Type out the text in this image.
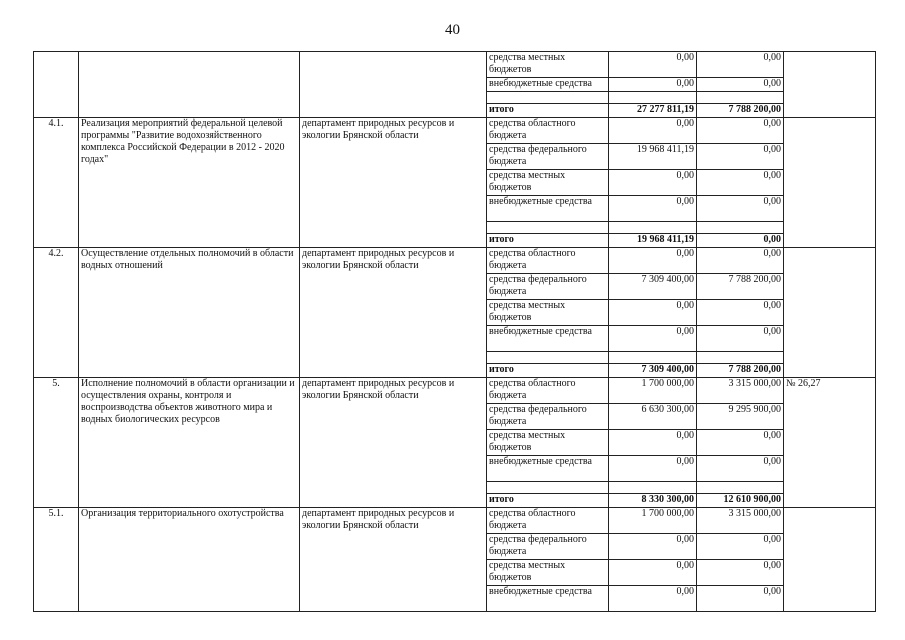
40
			средства местных бюджетов	0,00	0,00	
			внебюджетные средства	0,00	0,00	

			итого	27 277 811,19	7 788 200,00	
4.1.	Реализация мероприятий федеральной целевой программы "Развитие водохозяйственного комплекса Российской Федерации в 2012 - 2020 годах"	департамент природных ресурсов и экологии Брянской области	средства областного бюджета	0,00	0,00	
			средства федерального бюджета	19 968 411,19	0,00	
			средства местных бюджетов	0,00	0,00	
			внебюджетные средства	0,00	0,00	

			итого	19 968 411,19	0,00	
4.2.	Осуществление отдельных полномочий в области водных отношений	департамент природных ресурсов и экологии Брянской области	средства областного бюджета	0,00	0,00	
			средства федерального бюджета	7 309 400,00	7 788 200,00	
			средства местных бюджетов	0,00	0,00	
			внебюджетные средства	0,00	0,00	

			итого	7 309 400,00	7 788 200,00	
5.	Исполнение полномочий в области организации и осуществления охраны, контроля и воспроизводства объектов животного мира и водных биологических ресурсов	департамент природных ресурсов и экологии Брянской области	средства областного бюджета	1 700 000,00	3 315 000,00	№ 26,27
			средства федерального бюджета	6 630 300,00	9 295 900,00	
			средства местных бюджетов	0,00	0,00	
			внебюджетные средства	0,00	0,00	

			итого	8 330 300,00	12 610 900,00	
5.1.	Организация территориального охотустройства	департамент природных ресурсов и экологии Брянской области	средства областного бюджета	1 700 000,00	3 315 000,00	
			средства федерального бюджета	0,00	0,00	
			средства местных бюджетов	0,00	0,00	
			внебюджетные средства	0,00	0,00	
